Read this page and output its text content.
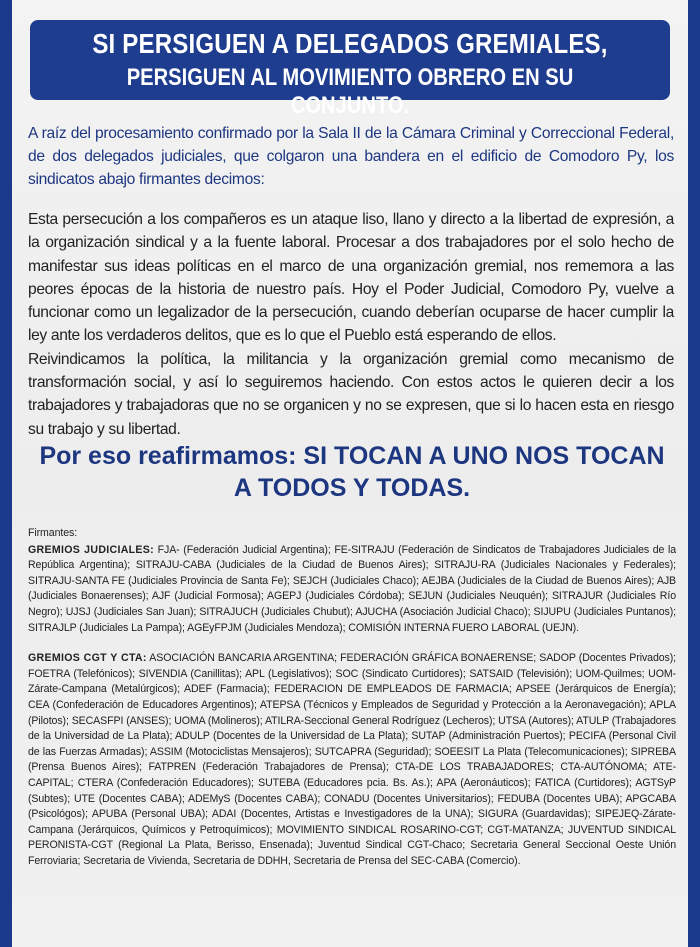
SI PERSIGUEN A DELEGADOS GREMIALES,
PERSIGUEN AL MOVIMIENTO OBRERO EN SU CONJUNTO.
A raíz del procesamiento confirmado por la Sala II de la Cámara Criminal y Correccional Federal, de dos delegados judiciales, que colgaron una bandera en el edificio de Comodoro Py, los sindicatos abajo firmantes decimos:

Esta persecución a los compañeros es un ataque liso, llano y directo a la libertad de expresión, a la organización sindical y a la fuente laboral. Procesar a dos trabajadores por el solo hecho de manifestar sus ideas políticas en el marco de una organización gremial, nos rememora a las peores épocas de la historia de nuestro país. Hoy el Poder Judicial, Comodoro Py, vuelve a funcionar como un legalizador de la persecución, cuando deberían ocuparse de hacer cumplir la ley ante los verdaderos delitos, que es lo que el Pueblo está esperando de ellos.

Reivindicamos la política, la militancia y la organización gremial como mecanismo de transformación social, y así lo seguiremos haciendo. Con estos actos le quieren decir a los trabajadores y trabajadoras que no se organicen y no se expresen, que si lo hacen esta en riesgo su trabajo y su libertad.

Por eso reafirmamos: SI TOCAN A UNO NOS TOCAN
A TODOS Y TODAS.
Firmantes:

GREMIOS JUDICIALES: FJA- (Federación Judicial Argentina); FE-SITRAJU (Federación de Sindicatos de Trabajadores Judiciales de la República Argentina); SITRAJU-CABA (Judiciales de la Ciudad de Buenos Aires); SITRAJU-RA (Judiciales Nacionales y Federales); SITRAJU-SANTA FE (Judiciales Provincia de Santa Fe); SEJCH (Judiciales Chaco); AEJBA (Judiciales de la Ciudad de Buenos Aires); AJB (Judiciales Bonaerenses); AJF (Judicial Formosa); AGEPJ (Judiciales Córdoba); SEJUN (Judiciales Neuquén); SITRAJUR (Judiciales Río Negro); UJSJ (Judiciales San Juan); SITRAJUCH (Judiciales Chubut); AJUCHA (Asociación Judicial Chaco); SIJUPU (Judiciales Puntanos); SITRAJLP (Judiciales La Pampa); AGEyFPJM (Judiciales Mendoza); COMISIÓN INTERNA FUERO LABORAL (UEJN).

GREMIOS CGT Y CTA: ASOCIACIÓN BANCARIA ARGENTINA; FEDERACIÓN GRÁFICA BONAERENSE; SADOP (Docentes Privados); FOETRA (Telefónicos); SIVENDIA (Canillitas); APL (Legislativos); SOC (Sindicato Curtidores); SATSAID (Televisión); UOM-Quilmes; UOM-Zárate-Campana (Metalúrgicos); ADEF (Farmacia); FEDERACION DE EMPLEADOS DE FARMACIA; APSEE (Jerárquicos de Energía); CEA (Confederación de Educadores Argentinos); ATEPSA (Técnicos y Empleados de Seguridad y Protección a la Aeronavegación); APLA (Pilotos); SECASFPI (ANSES); UOMA (Molineros); ATILRA-Seccional General Rodríguez (Lecheros); UTSA (Autores); ATULP (Trabajadores de la Universidad de La Plata); ADULP (Docentes de la Universidad de La Plata); SUTAP (Administración Puertos); PECIFA (Personal Civil de las Fuerzas Armadas); ASSIM (Motociclistas Mensajeros); SUTCAPRA (Seguridad); SOEESIT La Plata (Telecomunicaciones); SIPREBA (Prensa Buenos Aires); FATPREN (Federación Trabajadores de Prensa); CTA-DE LOS TRABAJADORES; CTA-AUTÓNOMA; ATE-CAPITAL; CTERA (Confederación Educadores); SUTEBA (Educadores pcia. Bs. As.); APA (Aeronáuticos); FATICA (Curtidores); AGTSyP (Subtes); UTE (Docentes CABA); ADEMyS (Docentes CABA); CONADU (Docentes Universitarios); FEDUBA (Docentes UBA); APGCABA (Psicológos); APUBA (Personal UBA); ADAI (Docentes, Artistas e Investigadores de la UNA); SIGURA (Guardavidas); SIPEJEQ-Zárate-Campana (Jerárquicos, Químicos y Petroquímicos); MOVIMIENTO SINDICAL ROSARINO-CGT; CGT-MATANZA; JUVENTUD SINDICAL PERONISTA-CGT (Regional La Plata, Berisso, Ensenada); Juventud Sindical CGT-Chaco; Secretaria General Seccional Oeste Unión Ferroviaria; Secretaria de Vivienda, Secretaria de DDHH, Secretaria de Prensa del SEC-CABA (Comercio).
